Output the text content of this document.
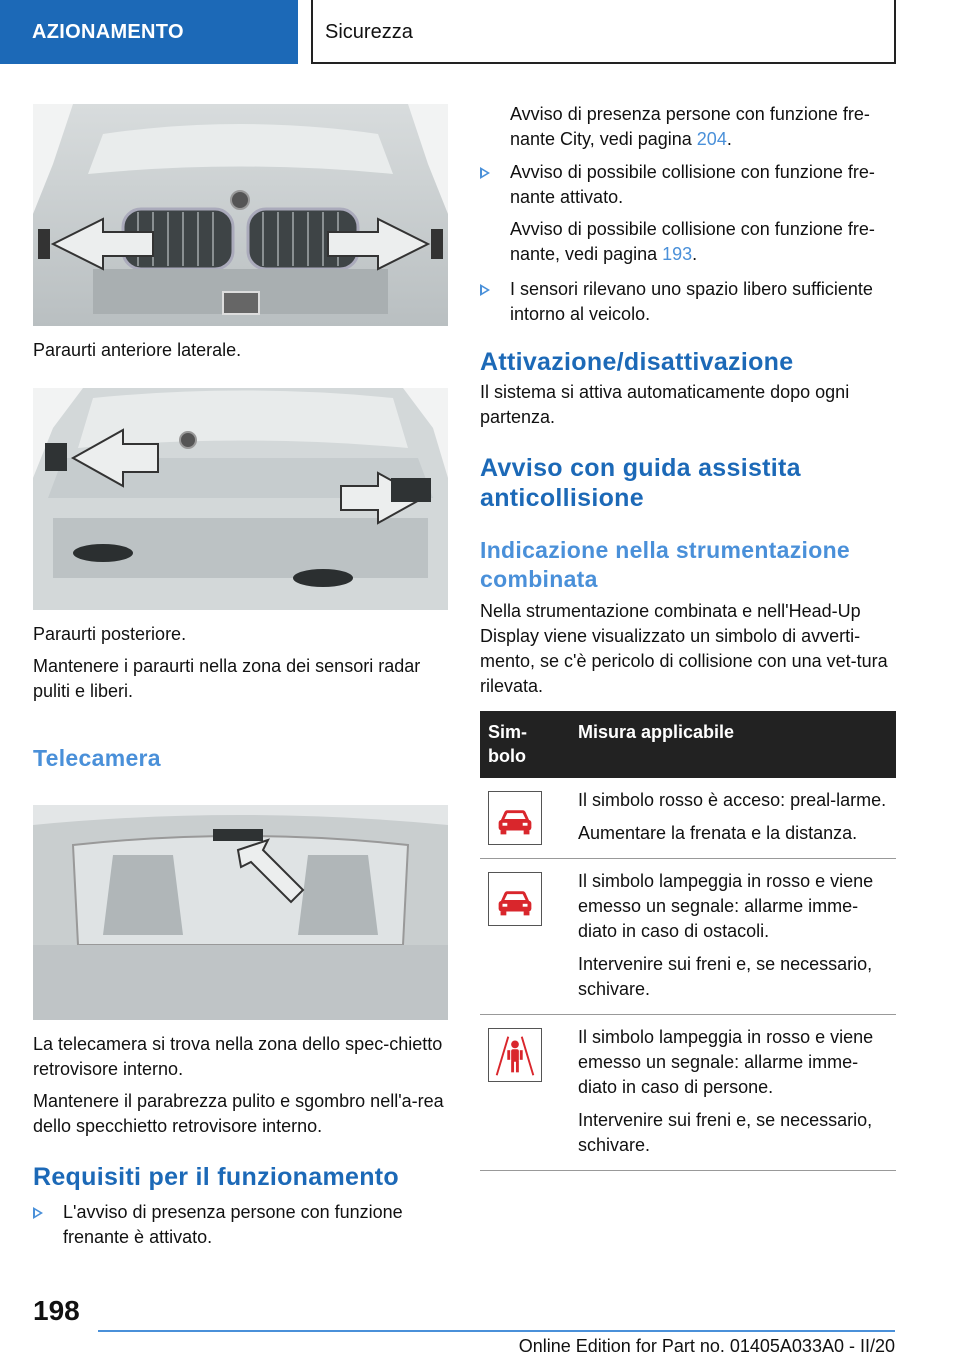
AZIONAMENTO	Sicurezza

Paraurti anteriore laterale.

Paraurti posteriore.

Mantenere i paraurti nella zona dei sensori radar puliti e liberi.

Telecamera

La telecamera si trova nella zona dello spec-chietto retrovisore interno.

Mantenere il parabrezza pulito e sgombro nell'a-rea dello specchietto retrovisore interno.

Requisiti per il funzionamento
L'avviso di presenza persone con funzione frenante è attivato.
Avviso di presenza persone con funzione fre-nante City, vedi pagina 204.
Avviso di possibile collisione con funzione fre-nante attivato.
Avviso di possibile collisione con funzione fre-nante, vedi pagina 193.
I sensori rilevano uno spazio libero sufficiente intorno al veicolo.
Attivazione/disattivazione

Il sistema si attiva automaticamente dopo ogni partenza.

Avviso con guida assistita anticollisione
Indicazione nella strumentazione combinata

Nella strumentazione combinata e nell'Head-Up Display viene visualizzato un simbolo di avverti-mento, se c'è pericolo di collisione con una vet-tura rilevata.

Sim-bolo	Misura applicabile

Il simbolo rosso è acceso: preal-larme.

Aumentare la frenata e la distanza.

Il simbolo lampeggia in rosso e viene emesso un segnale: allarme imme-diato in caso di ostacoli.

Intervenire sui freni e, se necessario, schivare.

Il simbolo lampeggia in rosso e viene emesso un segnale: allarme imme-diato in caso di persone.

Intervenire sui freni e, se necessario, schivare.

198
Online Edition for Part no. 01405A033A0 - II/20
